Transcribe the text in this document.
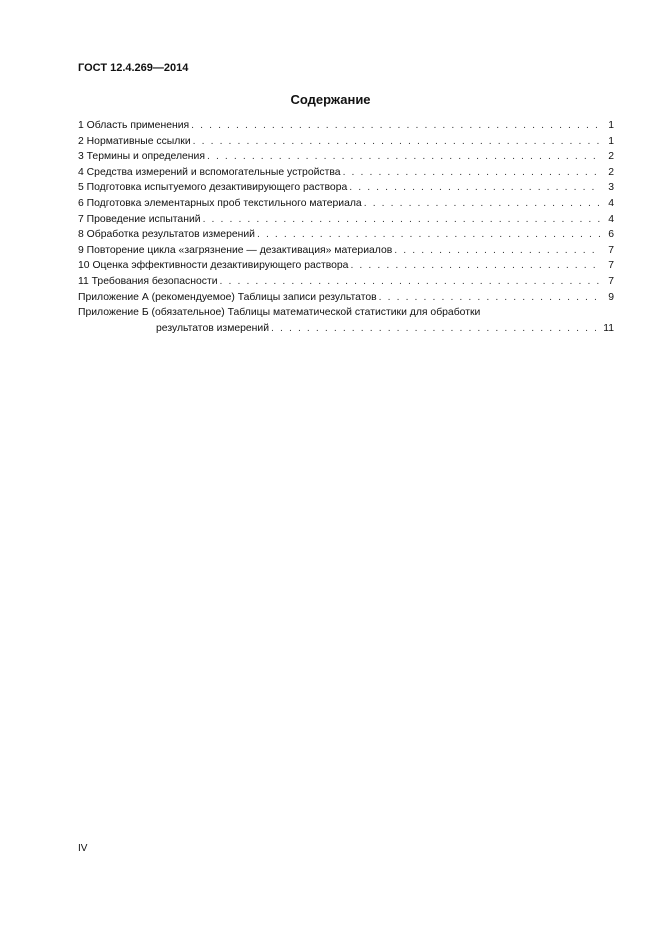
ГОСТ 12.4.269—2014
Содержание
1 Область применения . . .	1
2 Нормативные ссылки . . .	1
3 Термины и определения . . .	2
4 Средства измерений и вспомогательные устройства . . .	2
5 Подготовка испытуемого дезактивирующего раствора . . .	3
6 Подготовка элементарных проб текстильного материала . . .	4
7 Проведение испытаний . . .	4
8 Обработка результатов измерений . . .	6
9 Повторение цикла «загрязнение — дезактивация» материалов . . .	7
10 Оценка эффективности дезактивирующего раствора . . .	7
11 Требования безопасности . . .	7
Приложение А (рекомендуемое) Таблицы записи результатов . . .	9
Приложение Б (обязательное) Таблицы математической статистики для обработки
результатов измерений . . .	11
IV
